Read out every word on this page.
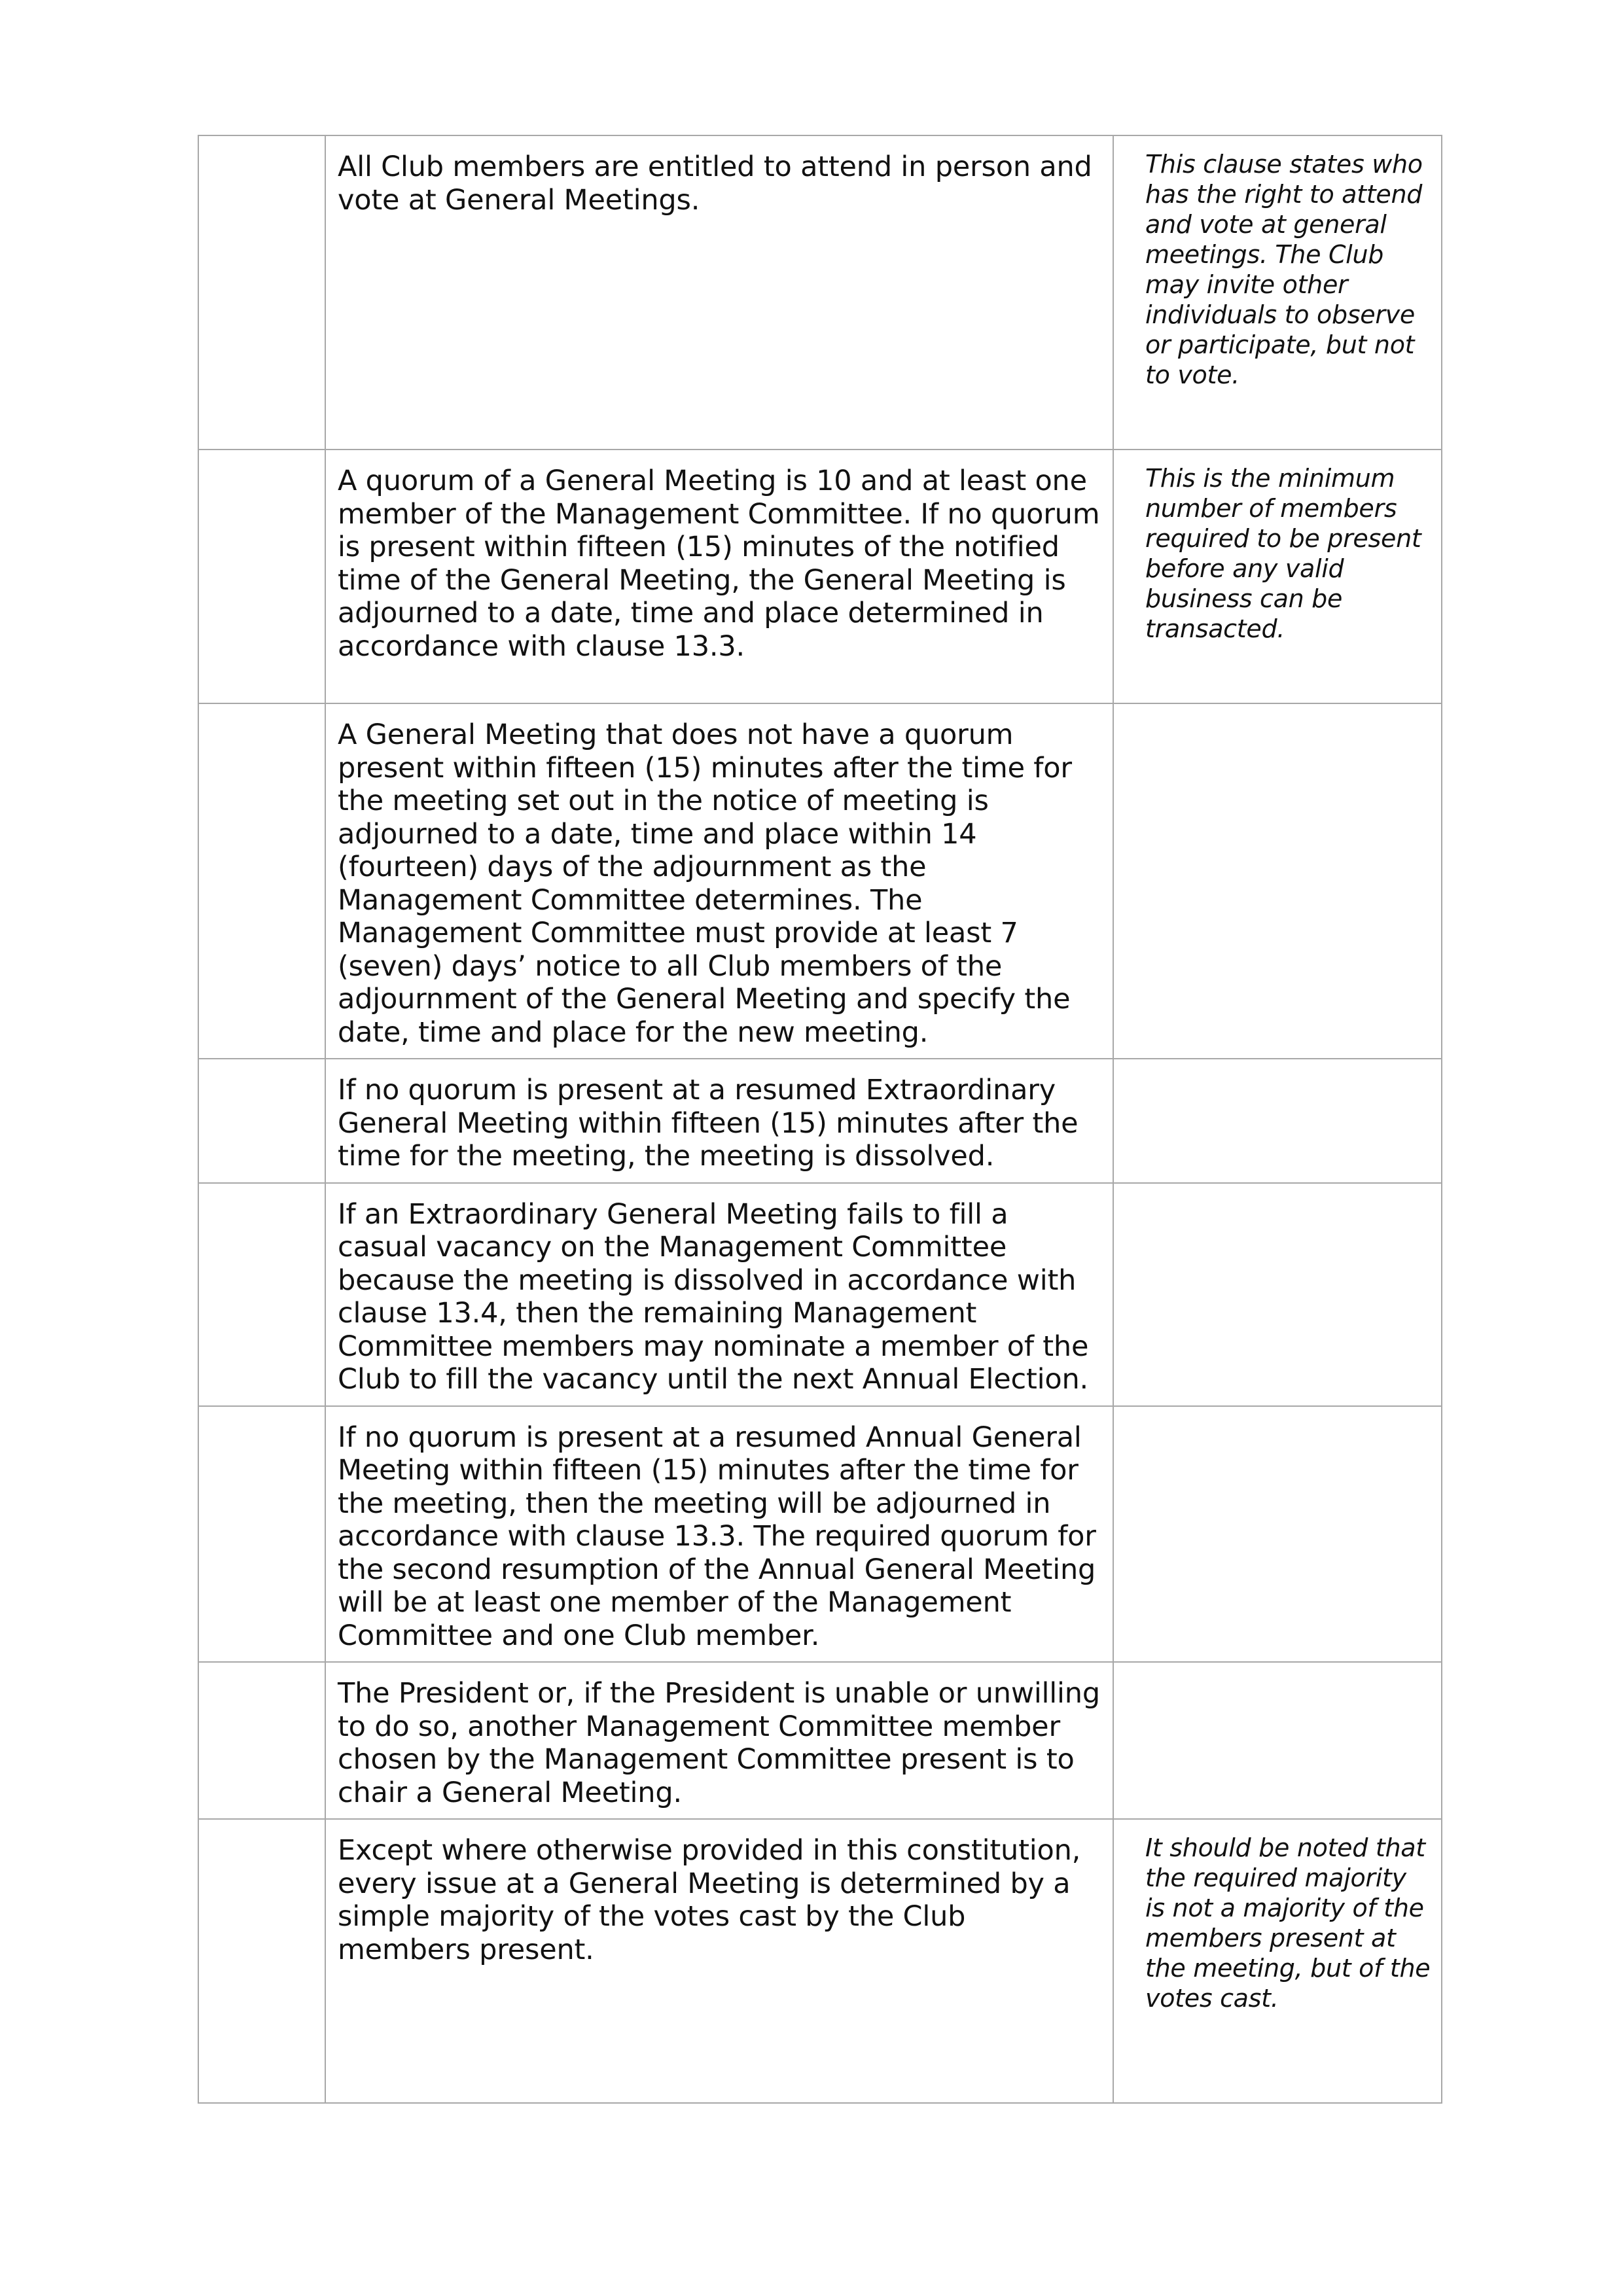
	All Club members are entitled to attend in person and vote at General Meetings.	This clause states who has the right to attend and vote at general meetings. The Club may invite other individuals to observe or participate, but not to vote.

	A quorum of a General Meeting is 10 and at least one member of the Management Committee. If no quorum is present within fifteen (15) minutes of the notified time of the General Meeting, the General Meeting is adjourned to a date, time and place determined in accordance with clause 13.3.	This is the minimum number of members required to be present before any valid business can be transacted.

	A General Meeting that does not have a quorum present within fifteen (15) minutes after the time for the meeting set out in the notice of meeting is adjourned to a date, time and place within 14 (fourteen) days of the adjournment as the Management Committee determines. The Management Committee must provide at least 7 (seven) days’ notice to all Club members of the adjournment of the General Meeting and specify the date, time and place for the new meeting.	

	If no quorum is present at a resumed Extraordinary General Meeting within fifteen (15) minutes after the time for the meeting, the meeting is dissolved.	

	If an Extraordinary General Meeting fails to fill a casual vacancy on the Management Committee because the meeting is dissolved in accordance with clause 13.4, then the remaining Management Committee members may nominate a member of the Club to fill the vacancy until the next Annual Election.	

	If no quorum is present at a resumed Annual General Meeting within fifteen (15) minutes after the time for the meeting, then the meeting will be adjourned in accordance with clause 13.3. The required quorum for the second resumption of the Annual General Meeting will be at least one member of the Management Committee and one Club member.	

	The President or, if the President is unable or unwilling to do so, another Management Committee member chosen by the Management Committee present is to chair a General Meeting.	

	Except where otherwise provided in this constitution, every issue at a General Meeting is determined by a simple majority of the votes cast by the Club members present.	It should be noted that the required majority is not a majority of the members present at the meeting, but of the votes cast.
